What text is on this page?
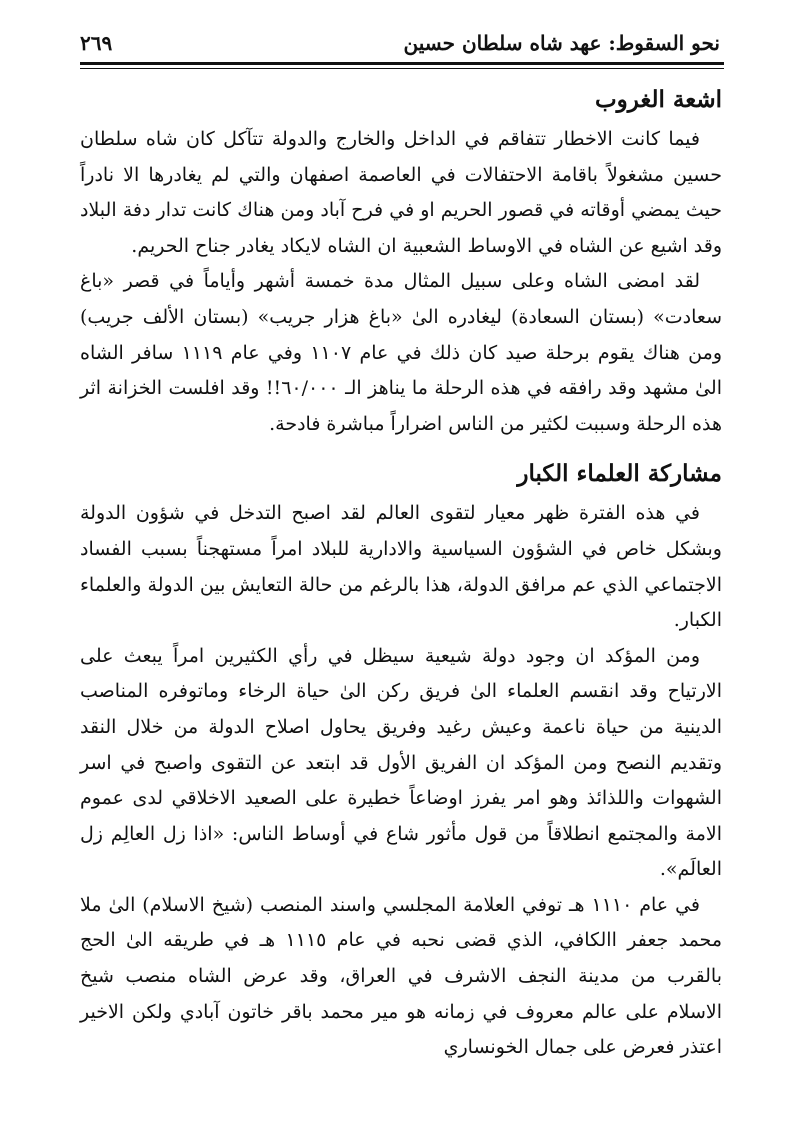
نحو السقوط: عهد شاه سلطان حسين
٢٦٩
اشعة الغروب

فيما كانت الاخطار تتفاقم في الداخل والخارج والدولة تتآكل كان شاه سلطان حسين مشغولاً باقامة الاحتفالات في العاصمة اصفهان والتي لم يغادرها الا نادراً حيث يمضي أوقاته في قصور الحريم او في فرح آباد ومن هناك كانت تدار دفة البلاد وقد اشيع عن الشاه في الاوساط الشعبية ان الشاه لايكاد يغادر جناح الحريم.

لقد امضى الشاه وعلى سبيل المثال مدة خمسة أشهر وأياماً في قصر «باغ سعادت» (بستان السعادة) ليغادره الىٰ «باغ هزار جريب» (بستان الألف جريب) ومن هناك يقوم برحلة صيد كان ذلك في عام ١١٠٧ وفي عام ١١١٩ سافر الشاه الىٰ مشهد وقد رافقه في هذه الرحلة ما يناهز الـ ٦٠/٠٠٠!! وقد افلست الخزانة اثر هذه الرحلة وسببت لكثير من الناس اضراراً مباشرة فادحة.

مشاركة العلماء الكبار

في هذه الفترة ظهر معيار لتقوى العالم لقد اصبح التدخل في شؤون الدولة وبشكل خاص في الشؤون السياسية والادارية للبلاد امراً مستهجناً بسبب الفساد الاجتماعي الذي عم مرافق الدولة، هذا بالرغم من حالة التعايش بين الدولة والعلماء الكبار.

ومن المؤكد ان وجود دولة شيعية سيظل في رأي الكثيرين امراً يبعث على الارتياح وقد انقسم العلماء الىٰ فريق ركن الىٰ حياة الرخاء وماتوفره المناصب الدينية من حياة ناعمة وعيش رغيد وفريق يحاول اصلاح الدولة من خلال النقد وتقديم النصح ومن المؤكد ان الفريق الأول قد ابتعد عن التقوى واصبح في اسر الشهوات واللذائذ وهو امر يفرز اوضاعاً خطيرة على الصعيد الاخلاقي لدى عموم الامة والمجتمع انطلاقاً من قول مأثور شاع في أوساط الناس: «اذا زل العالِم زل العالَم».

في عام ١١١٠ هـ توفي العلامة المجلسي واسند المنصب (شيخ الاسلام) الىٰ ملا محمد جعفر االكافي، الذي قضى نحبه في عام ١١١٥ هـ في طريقه الىٰ الحج بالقرب من مدينة النجف الاشرف في العراق، وقد عرض الشاه منصب شيخ الاسلام على عالم معروف في زمانه هو مير محمد باقر خاتون آبادي ولكن الاخير اعتذر فعرض على جمال الخونساري
